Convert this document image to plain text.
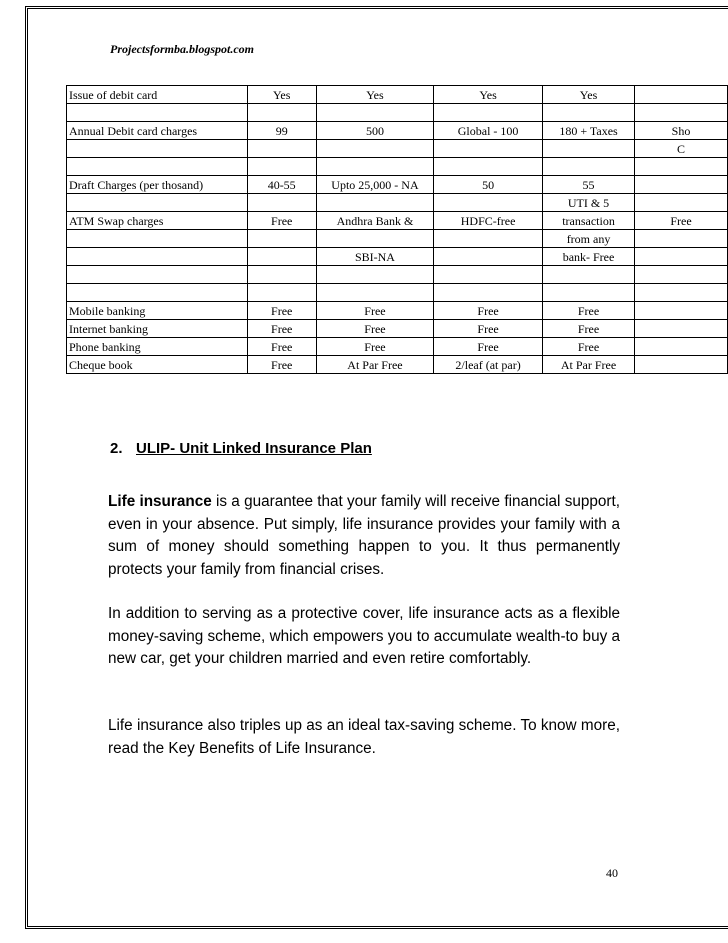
Projectsformba.blogspot.com
Issue of debit card	Yes	Yes	Yes	Yes	

Annual Debit card charges	99	500	Global - 100	180 + Taxes	Sho
					C

Draft Charges (per thosand)	40-55	Upto 25,000 - NA	50	55	
				UTI & 5	
ATM Swap charges	Free	Andhra Bank &	HDFC-free	transaction	Free
				from any	
		SBI-NA		bank- Free	

Mobile banking	Free	Free	Free	Free	
Internet banking	Free	Free	Free	Free	
Phone banking	Free	Free	Free	Free	
Cheque book	Free	At Par Free	2/leaf (at par)	At Par Free	
2. ULIP- Unit Linked Insurance Plan
Life insurance is a guarantee that your family will receive financial support, even in your absence. Put simply, life insurance provides your family with a sum of money should something happen to you. It thus permanently protects your family from financial crises.
In addition to serving as a protective cover, life insurance acts as a flexible money-saving scheme, which empowers you to accumulate wealth-to buy a new car, get your children married and even retire comfortably.
Life insurance also triples up as an ideal tax-saving scheme. To know more, read the Key Benefits of Life Insurance.
40
